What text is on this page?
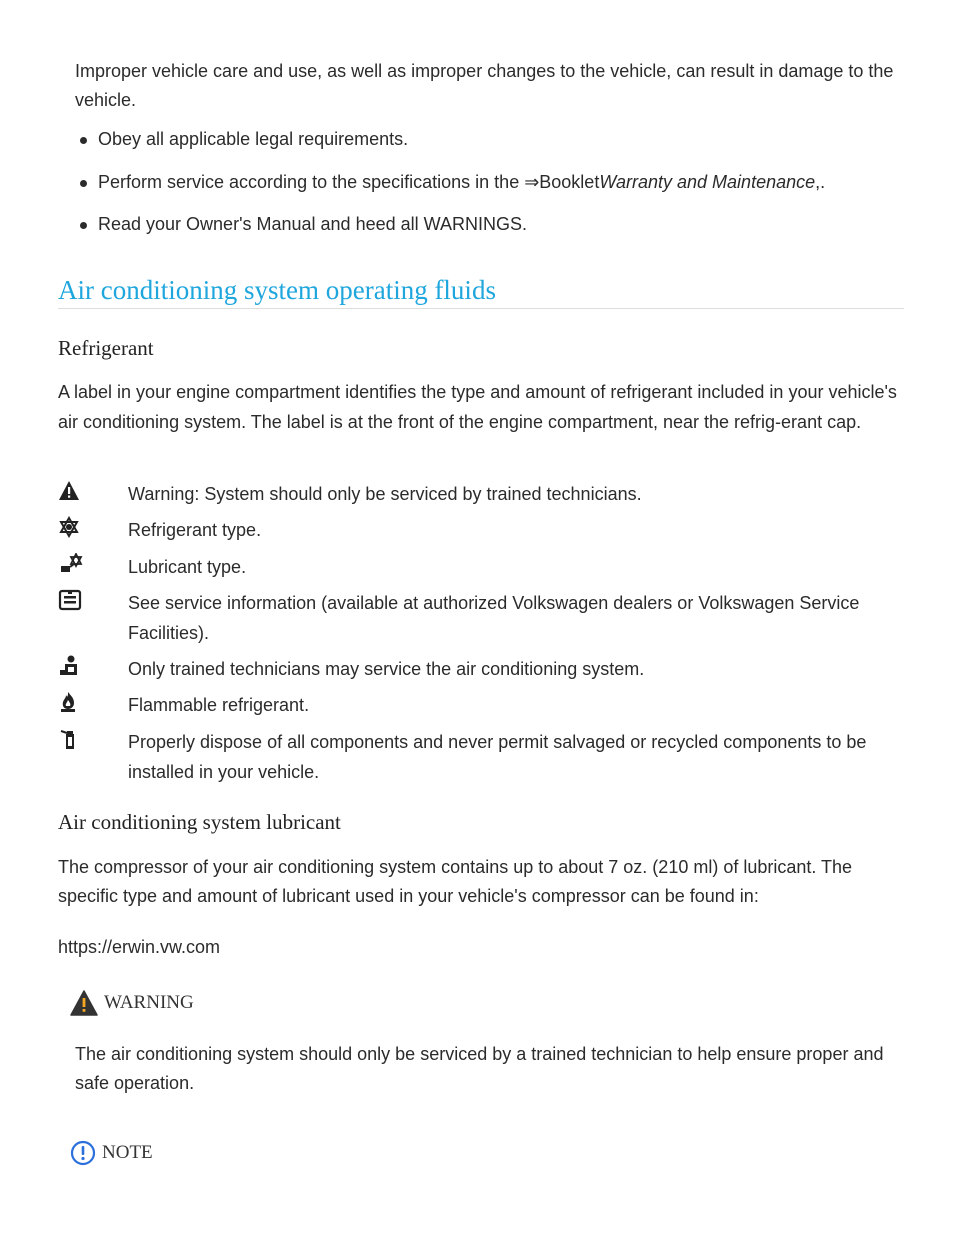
Improper vehicle care and use, as well as improper changes to the vehicle, can result in damage to the vehicle.

Obey all applicable legal requirements.
Perform service according to the specifications in the ⇒BookletWarranty and Maintenance,.
Read your Owner's Manual and heed all WARNINGS.
Air conditioning system operating fluids
Refrigerant

A label in your engine compartment identifies the type and amount of refrigerant included in your vehicle's air conditioning system. The label is at the front of the engine compartment, near the refrig-erant cap.

Warning: System should only be serviced by trained technicians.
Refrigerant type.
Lubricant type.
See service information (available at authorized Volkswagen dealers or Volkswagen Service Facilities).
Only trained technicians may service the air conditioning system.
Flammable refrigerant.
Properly dispose of all components and never permit salvaged or recycled components to be installed in your vehicle.
Air conditioning system lubricant

The compressor of your air conditioning system contains up to about 7 oz. (210 ml) of lubricant. The specific type and amount of lubricant used in your vehicle's compressor can be found in:

https://erwin.vw.com

WARNING

The air conditioning system should only be serviced by a trained technician to help ensure proper and safe operation.

NOTE
